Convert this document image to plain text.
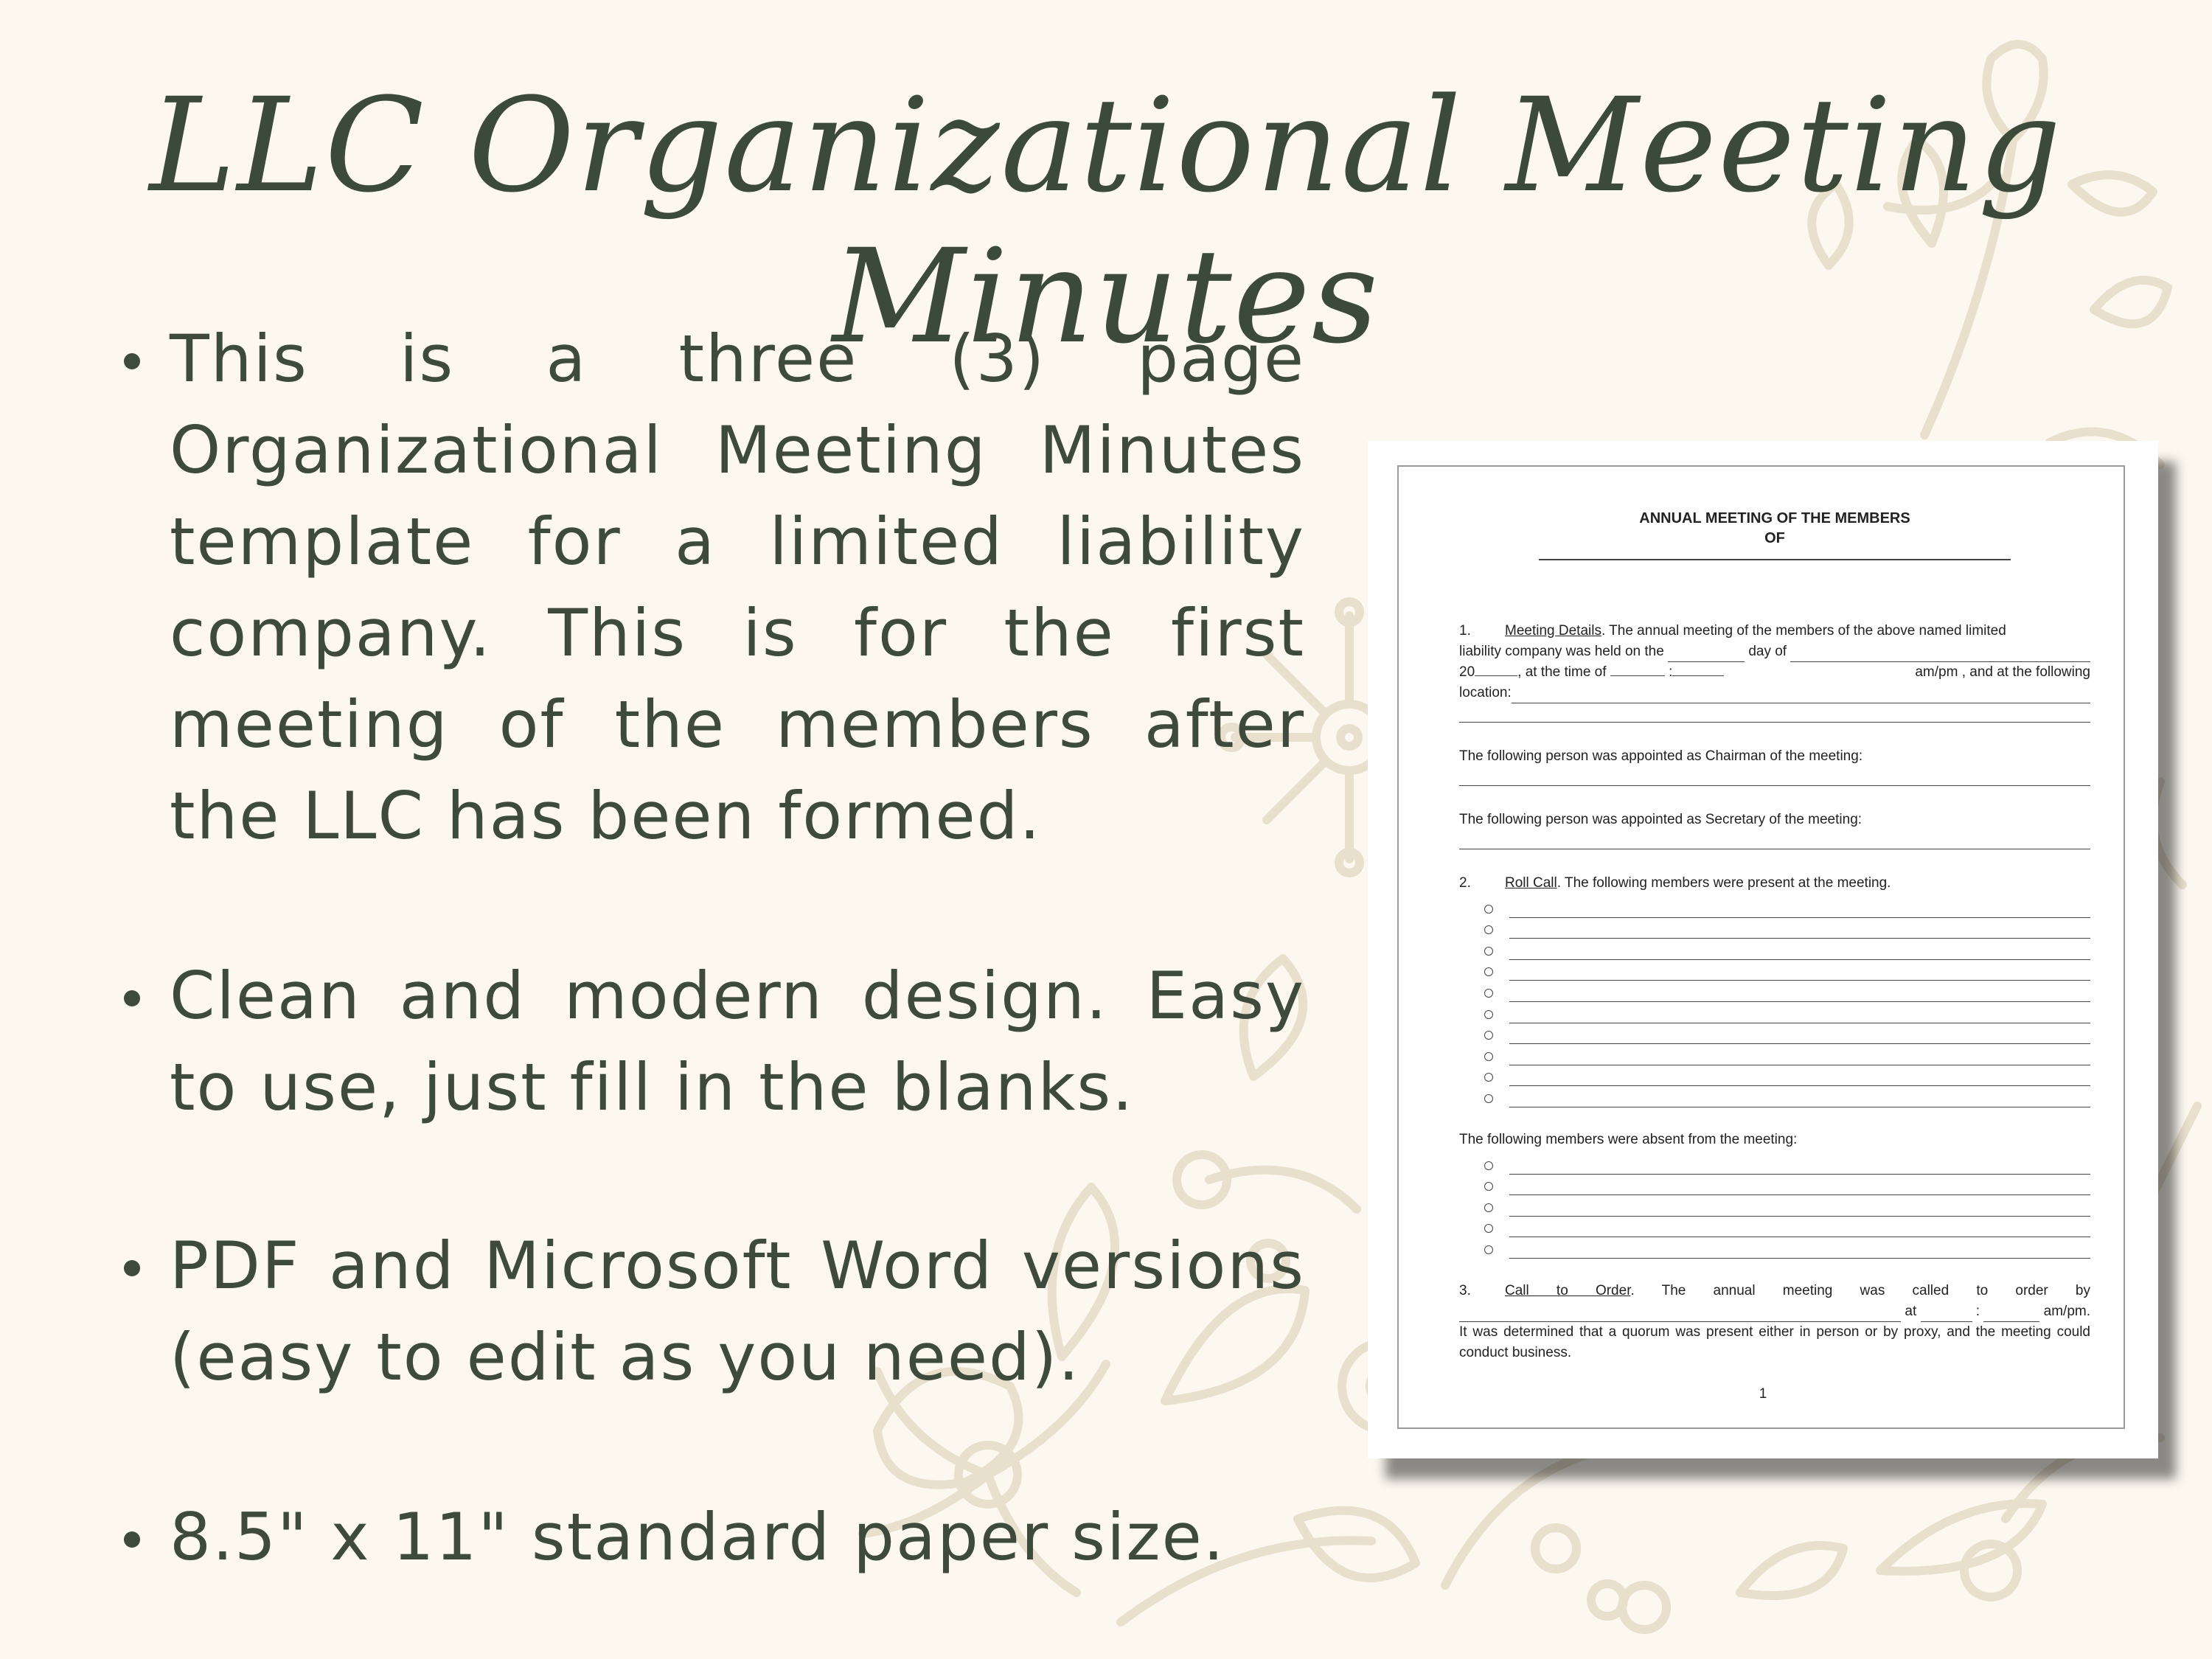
LLC Organizational Meeting Minutes
This is a three (3) page Organizational Meeting Minutes template for a limited liability company. This is for the first meeting of the members after the LLC has been formed.
Clean and modern design. Easy to use, just fill in the blanks.
PDF and Microsoft Word versions (easy to edit as you need).
8.5" x 11" standard paper size.
ANNUAL MEETING OF THE MEMBERS
OF
1. Meeting Details. The annual meeting of the members of the above named limited
liability company was held on the

	day of

20	, at the time of	:	am/pm , and at the following
location:
The following person was appointed as Chairman of the meeting:
The following person was appointed as Secretary of the meeting:
2. Roll Call. The following members were present at the meeting.
The following members were absent from the meeting:
3. Call to Order. The annual meeting was called to order by

at

	:

	am/pm.
It was determined that a quorum was present either in person or by proxy, and the meeting could conduct business.
1
